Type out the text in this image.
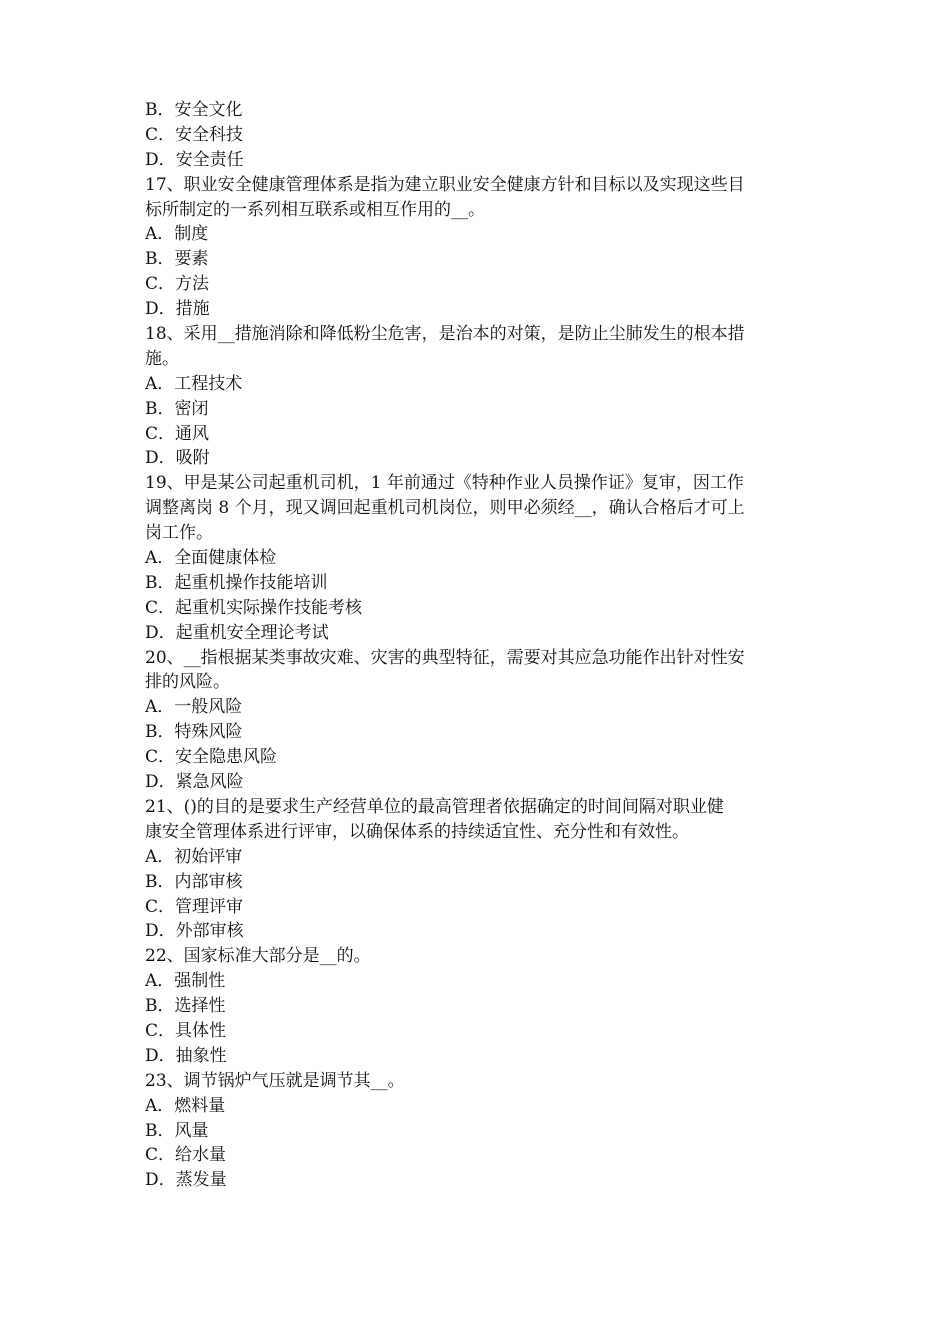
B．安全文化
C．安全科技
D．安全责任
17、职业安全健康管理体系是指为建立职业安全健康方针和目标以及实现这些目
标所制定的一系列相互联系或相互作用的__。
A．制度
B．要素
C．方法
D．措施
18、采用__措施消除和降低粉尘危害，是治本的对策，是防止尘肺发生的根本措
施。
A．工程技术
B．密闭
C．通风
D．吸附
19、甲是某公司起重机司机，1 年前通过《特种作业人员操作证》复审，因工作
调整离岗 8 个月，现又调回起重机司机岗位，则甲必须经__，确认合格后才可上
岗工作。
A．全面健康体检
B．起重机操作技能培训
C．起重机实际操作技能考核
D．起重机安全理论考试
20、__指根据某类事故灾难、灾害的典型特征，需要对其应急功能作出针对性安
排的风险。
A．一般风险
B．特殊风险
C．安全隐患风险
D．紧急风险
21、()的目的是要求生产经营单位的最高管理者依据确定的时间间隔对职业健
康安全管理体系进行评审，以确保体系的持续适宜性、充分性和有效性。
A．初始评审
B．内部审核
C．管理评审
D．外部审核
22、国家标准大部分是__的。
A．强制性
B．选择性
C．具体性
D．抽象性
23、调节锅炉气压就是调节其__。
A．燃料量
B．风量
C．给水量
D．蒸发量
